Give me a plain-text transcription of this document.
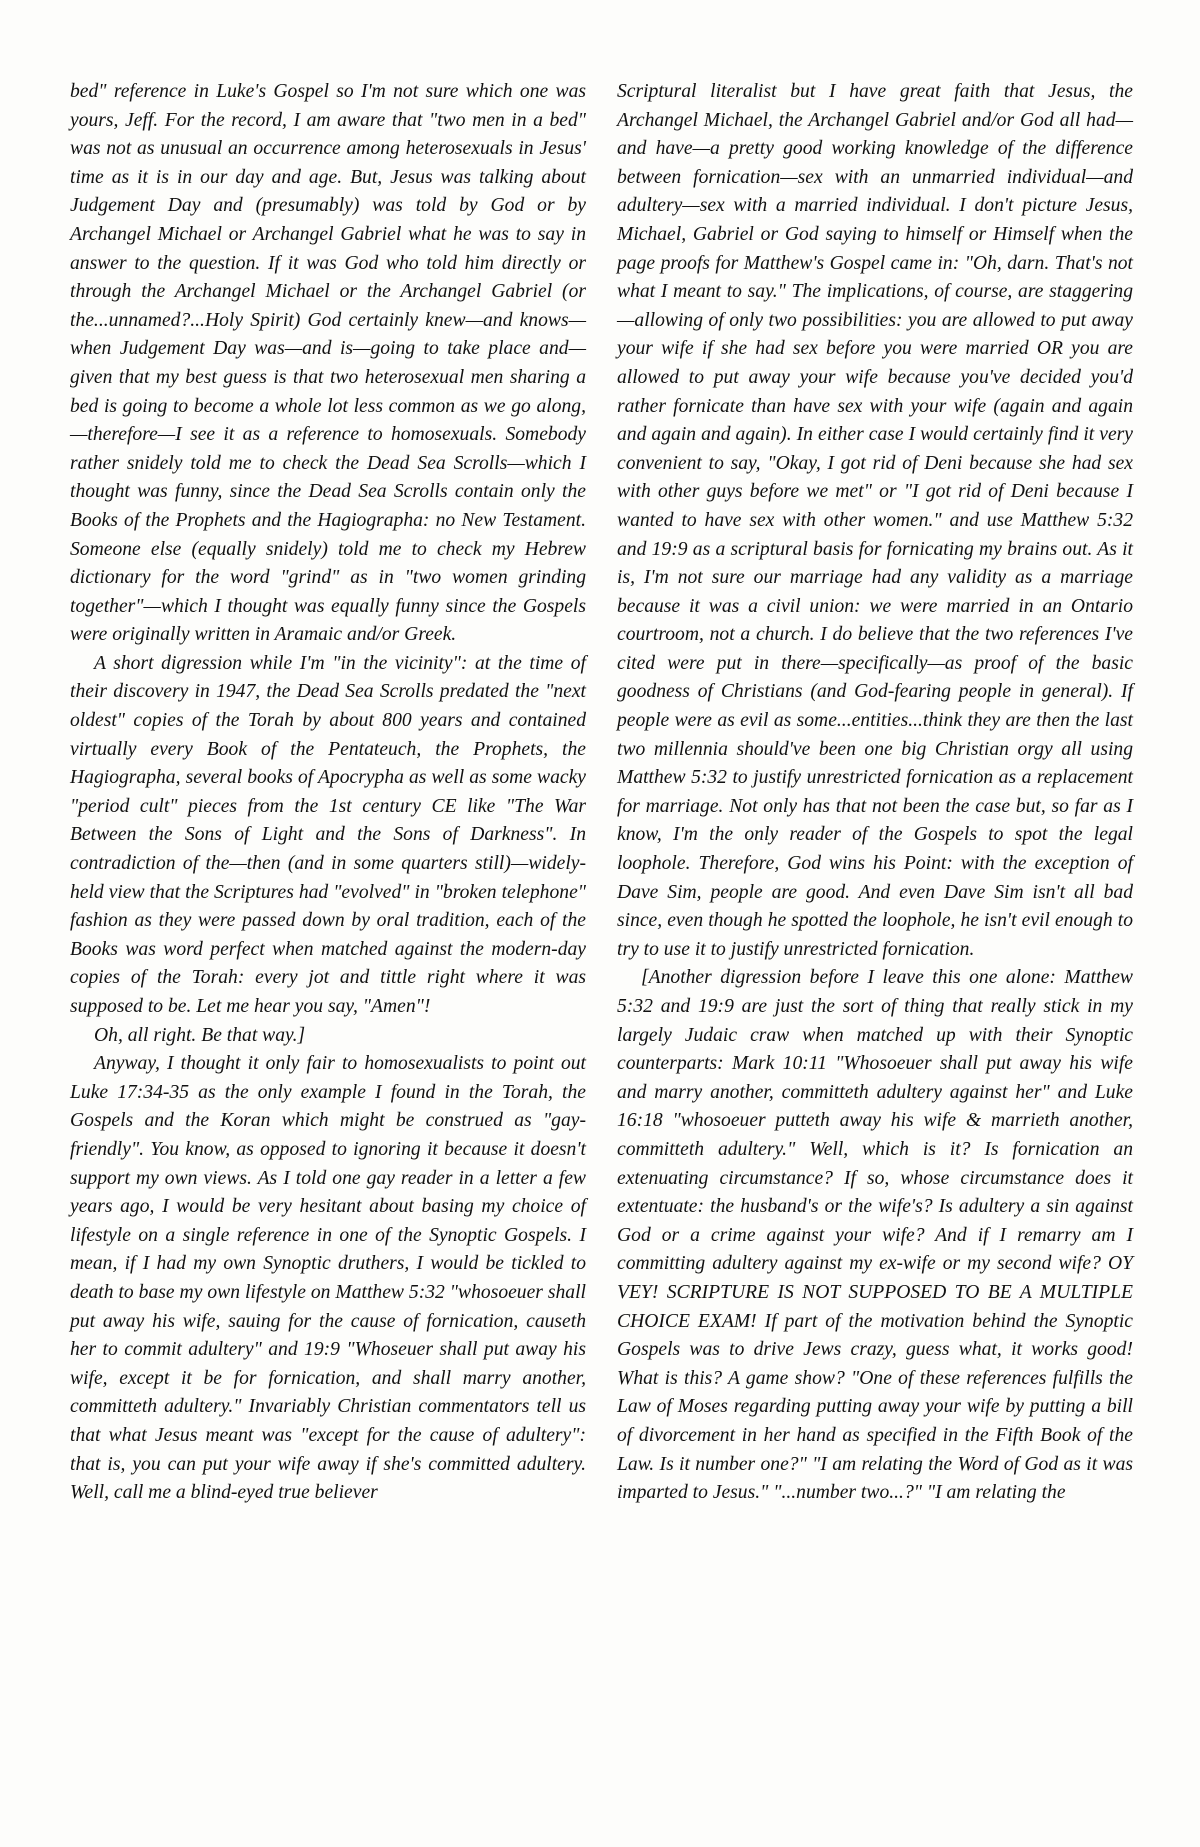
bed" reference in Luke's Gospel so I'm not sure which one was yours, Jeff. For the record, I am aware that "two men in a bed" was not as unusual an occurrence among heterosexuals in Jesus' time as it is in our day and age. But, Jesus was talking about Judgement Day and (presumably) was told by God or by Archangel Michael or Archangel Gabriel what he was to say in answer to the question. If it was God who told him directly or through the Archangel Michael or the Archangel Gabriel (or the...unnamed?...Holy Spirit) God certainly knew—and knows—when Judgement Day was—and is—going to take place and—given that my best guess is that two heterosexual men sharing a bed is going to become a whole lot less common as we go along,—therefore—I see it as a reference to homosexuals. Somebody rather snidely told me to check the Dead Sea Scrolls—which I thought was funny, since the Dead Sea Scrolls contain only the Books of the Prophets and the Hagiographa: no New Testament. Someone else (equally snidely) told me to check my Hebrew dictionary for the word "grind" as in "two women grinding together"—which I thought was equally funny since the Gospels were originally written in Aramaic and/or Greek.

A short digression while I'm "in the vicinity": at the time of their discovery in 1947, the Dead Sea Scrolls predated the "next oldest" copies of the Torah by about 800 years and contained virtually every Book of the Pentateuch, the Prophets, the Hagiographa, several books of Apocrypha as well as some wacky "period cult" pieces from the 1st century CE like "The War Between the Sons of Light and the Sons of Darkness". In contradiction of the—then (and in some quarters still)—widely-held view that the Scriptures had "evolved" in "broken telephone" fashion as they were passed down by oral tradition, each of the Books was word perfect when matched against the modern-day copies of the Torah: every jot and tittle right where it was supposed to be. Let me hear you say, "Amen"!

Oh, all right. Be that way.]

Anyway, I thought it only fair to homosexualists to point out Luke 17:34-35 as the only example I found in the Torah, the Gospels and the Koran which might be construed as "gay-friendly". You know, as opposed to ignoring it because it doesn't support my own views. As I told one gay reader in a letter a few years ago, I would be very hesitant about basing my choice of lifestyle on a single reference in one of the Synoptic Gospels. I mean, if I had my own Synoptic druthers, I would be tickled to death to base my own lifestyle on Matthew 5:32 "whosoeuer shall put away his wife, sauing for the cause of fornication, causeth her to commit adultery" and 19:9 "Whoseuer shall put away his wife, except it be for fornication, and shall marry another, committeth adultery." Invariably Christian commentators tell us that what Jesus meant was "except for the cause of adultery": that is, you can put your wife away if she's committed adultery. Well, call me a blind-eyed true believer

Scriptural literalist but I have great faith that Jesus, the Archangel Michael, the Archangel Gabriel and/or God all had—and have—a pretty good working knowledge of the difference between fornication—sex with an unmarried individual—and adultery—sex with a married individual. I don't picture Jesus, Michael, Gabriel or God saying to himself or Himself when the page proofs for Matthew's Gospel came in: "Oh, darn. That's not what I meant to say." The implications, of course, are staggering—allowing of only two possibilities: you are allowed to put away your wife if she had sex before you were married OR you are allowed to put away your wife because you've decided you'd rather fornicate than have sex with your wife (again and again and again and again). In either case I would certainly find it very convenient to say, "Okay, I got rid of Deni because she had sex with other guys before we met" or "I got rid of Deni because I wanted to have sex with other women." and use Matthew 5:32 and 19:9 as a scriptural basis for fornicating my brains out. As it is, I'm not sure our marriage had any validity as a marriage because it was a civil union: we were married in an Ontario courtroom, not a church. I do believe that the two references I've cited were put in there—specifically—as proof of the basic goodness of Christians (and God-fearing people in general). If people were as evil as some...entities...think they are then the last two millennia should've been one big Christian orgy all using Matthew 5:32 to justify unrestricted fornication as a replacement for marriage. Not only has that not been the case but, so far as I know, I'm the only reader of the Gospels to spot the legal loophole. Therefore, God wins his Point: with the exception of Dave Sim, people are good. And even Dave Sim isn't all bad since, even though he spotted the loophole, he isn't evil enough to try to use it to justify unrestricted fornication.

[Another digression before I leave this one alone: Matthew 5:32 and 19:9 are just the sort of thing that really stick in my largely Judaic craw when matched up with their Synoptic counterparts: Mark 10:11 "Whosoeuer shall put away his wife and marry another, committeth adultery against her" and Luke 16:18 "whosoeuer putteth away his wife & marrieth another, committeth adultery." Well, which is it? Is fornication an extenuating circumstance? If so, whose circumstance does it extentuate: the husband's or the wife's? Is adultery a sin against God or a crime against your wife? And if I remarry am I committing adultery against my ex-wife or my second wife? OY VEY! SCRIPTURE IS NOT SUPPOSED TO BE A MULTIPLE CHOICE EXAM! If part of the motivation behind the Synoptic Gospels was to drive Jews crazy, guess what, it works good! What is this? A game show? "One of these references fulfills the Law of Moses regarding putting away your wife by putting a bill of divorcement in her hand as specified in the Fifth Book of the Law. Is it number one?" "I am relating the Word of God as it was imparted to Jesus." "...number two...?" "I am relating the
